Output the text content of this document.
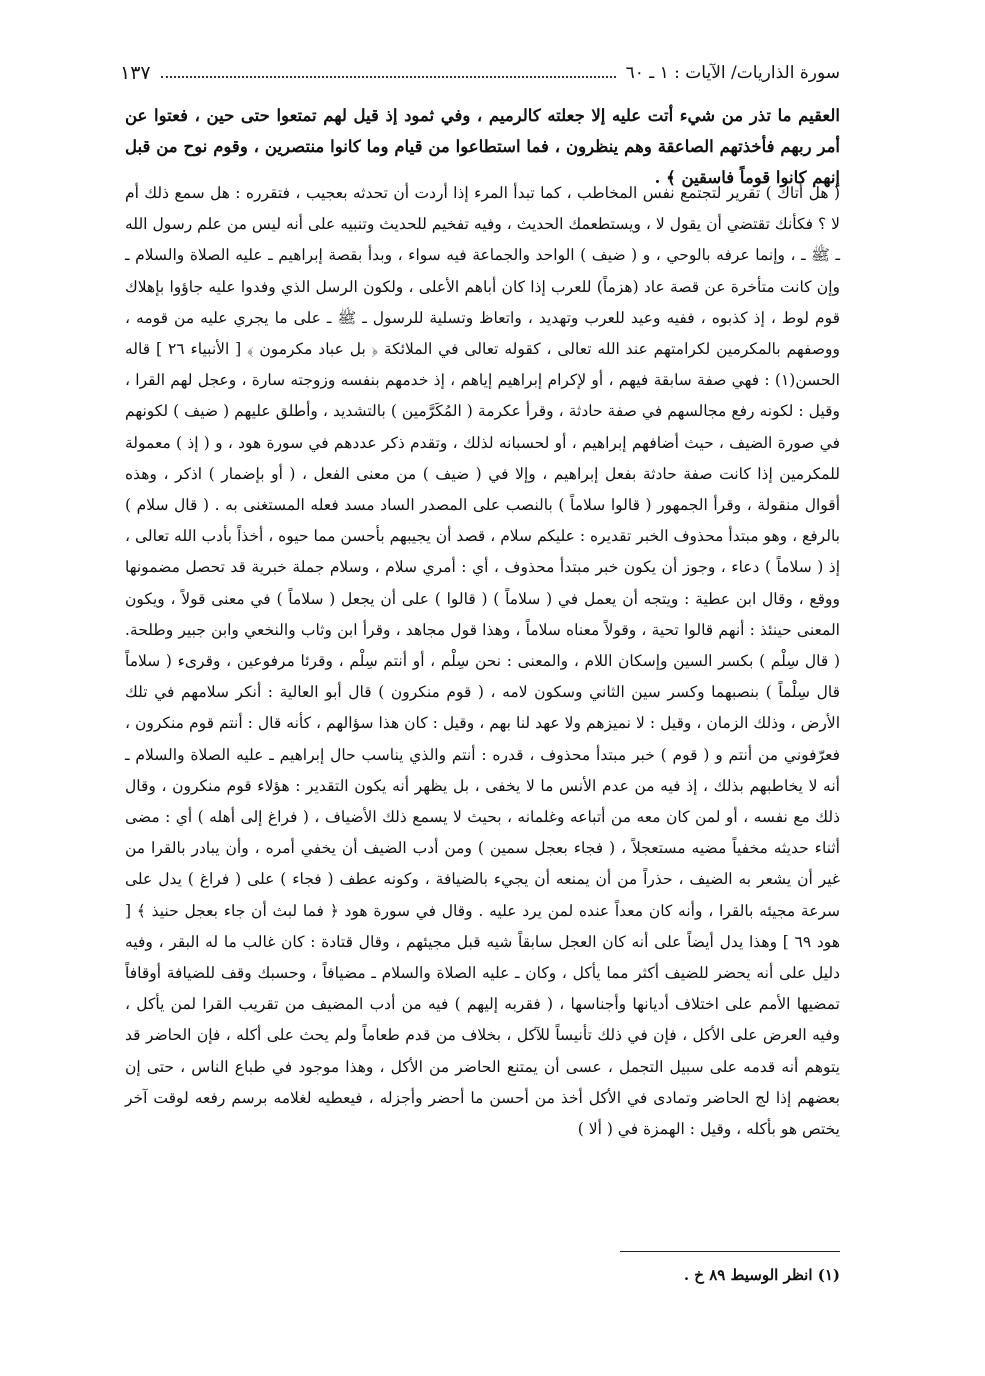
سورة الذاريات/ الآيات : ١ ـ ٦٠
١٣٧
العقيم ما تذر من شيء أتت عليه إلا جعلته كالرميم ، وفي ثمود إذ قيل لهم تمتعوا حتى حين ، فعتوا عن أمر ربهم فأخذتهم الصاعقة وهم ينظرون ، فما استطاعوا من قيام وما كانوا منتصرين ، وقوم نوح من قبل إنهم كانوا قوماً فاسقين ﴾ .

( هل أتاك ) تقرير لتجتمع نفس المخاطب ، كما تبدأ المرء إذا أردت أن تحدثه بعجيب ، فتقرره : هل سمع ذلك أم لا ؟ فكأنك تقتضي أن يقول لا ، ويستطعمك الحديث ، وفيه تفخيم للحديث وتنبيه على أنه ليس من علم رسول الله ـ ﷺ ـ ، وإنما عرفه بالوحي ، و ( ضيف ) الواحد والجماعة فيه سواء ، وبدأ بقصة إبراهيم ـ عليه الصلاة والسلام ـ وإن كانت متأخرة عن قصة عاد (هزماً) للعرب إذا كان أباهم الأعلى ، ولكون الرسل الذي وفدوا عليه جاؤوا بإهلاك قوم لوط ، إذ كذبوه ، ففيه وعيد للعرب وتهديد ، واتعاظ وتسلية للرسول ـ ﷺ ـ على ما يجري عليه من قومه ، ووصفهم بالمكرمين لكرامتهم عند الله تعالى ، كقوله تعالى في الملائكة ﴿ بل عباد مكرمون ﴾ [ الأنبياء ٢٦ ] قاله الحسن(١) : فهي صفة سابقة فيهم ، أو لإكرام إبراهيم إياهم ، إذ خدمهم بنفسه وزوجته سارة ، وعجل لهم القرا ، وقيل : لكونه رفع مجالسهم في صفة حادثة ، وقرأ عكرمة ( المُكَرَّمين ) بالتشديد ، وأطلق عليهم ( ضيف ) لكونهم في صورة الضيف ، حيث أضافهم إبراهيم ، أو لحسبانه لذلك ، وتقدم ذكر عددهم في سورة هود ، و ( إذ ) معمولة للمكرمين إذا كانت صفة حادثة بفعل إبراهيم ، وإلا في ( ضيف ) من معنى الفعل ، ( أو بإضمار ) اذكر ، وهذه أقوال منقولة ، وقرأ الجمهور ( قالوا سلاماً ) بالنصب على المصدر الساد مسد فعله المستغنى به . ( قال سلام ) بالرفع ، وهو مبتدأ محذوف الخبر تقديره : عليكم سلام ، قصد أن يجيبهم بأحسن مما حيوه ، أخذاً بأدب الله تعالى ، إذ ( سلاماً ) دعاء ، وجوز أن يكون خبر مبتدأ محذوف ، أي : أمري سلام ، وسلام جملة خبرية قد تحصل مضمونها ووقع ، وقال ابن عطية : ويتجه أن يعمل في ( سلاماً ) ( قالوا ) على أن يجعل ( سلاماً ) في معنى قولاً ، ويكون المعنى حينئذ : أنهم قالوا تحية ، وقولاً معناه سلاماً ، وهذا قول مجاهد ، وقرأ ابن وثاب والنخعي وابن جبير وطلحة.( قال سِلْم ) بكسر السين وإسكان اللام ، والمعنى : نحن سِلْم ، أو أنتم سِلْم ، وقرئا مرفوعين ، وقرىء ( سلاماً قال سِلْماً ) بنصبهما وكسر سين الثاني وسكون لامه ، ( قوم منكرون ) قال أبو العالية : أنكر سلامهم في تلك الأرض ، وذلك الزمان ، وقيل : لا نميزهم ولا عهد لنا بهم ، وقيل : كان هذا سؤالهم ، كأنه قال : أنتم قوم منكرون ، فعرّفوني من أنتم و ( قوم ) خبر مبتدأ محذوف ، قدره : أنتم والذي يناسب حال إبراهيم ـ عليه الصلاة والسلام ـ أنه لا يخاطبهم بذلك ، إذ فيه من عدم الأنس ما لا يخفى ، بل يظهر أنه يكون التقدير : هؤلاء قوم منكرون ، وقال ذلك مع نفسه ، أو لمن كان معه من أتباعه وغلمانه ، بحيث لا يسمع ذلك الأضياف ، ( فراغ إلى أهله ) أي : مضى أثناء حديثه مخفياً مضيه مستعجلاً ، ( فجاء بعجل سمين ) ومن أدب الضيف أن يخفي أمره ، وأن يبادر بالقرا من غير أن يشعر به الضيف ، حذراً من أن يمنعه أن يجيء بالضيافة ، وكونه عطف ( فجاء ) على ( فراغ ) يدل على سرعة مجيئه بالقرا ، وأنه كان معداً عنده لمن يرد عليه . وقال في سورة هود ﴿ فما لبث أن جاء بعجل حنيذ ﴾ [ هود ٦٩ ] وهذا يدل أيضاً على أنه كان العجل سابقاً شيه قبل مجيئهم ، وقال قتادة : كان غالب ما له البقر ، وفيه دليل على أنه يحضر للضيف أكثر مما يأكل ، وكان ـ عليه الصلاة والسلام ـ مضيافاً ، وحسبك وقف للضيافة أوقافاً تمضيها الأمم على اختلاف أديانها وأجناسها ، ( فقربه إليهم ) فيه من أدب المضيف من تقريب القرا لمن يأكل ، وفيه العرض على الأكل ، فإن في ذلك تأنيساً للآكل ، بخلاف من قدم طعاماً ولم يحث على أكله ، فإن الحاضر قد يتوهم أنه قدمه على سبيل التجمل ، عسى أن يمتنع الحاضر من الأكل ، وهذا موجود في طباع الناس ، حتى إن بعضهم إذا لج الحاضر وتمادى في الأكل أخذ من أحسن ما أحضر وأجزله ، فيعطيه لغلامه برسم رفعه لوقت آخر يختص هو بأكله ، وقيل : الهمزة في ( ألا )

(١) انظر الوسيط ٨٩ خ .
